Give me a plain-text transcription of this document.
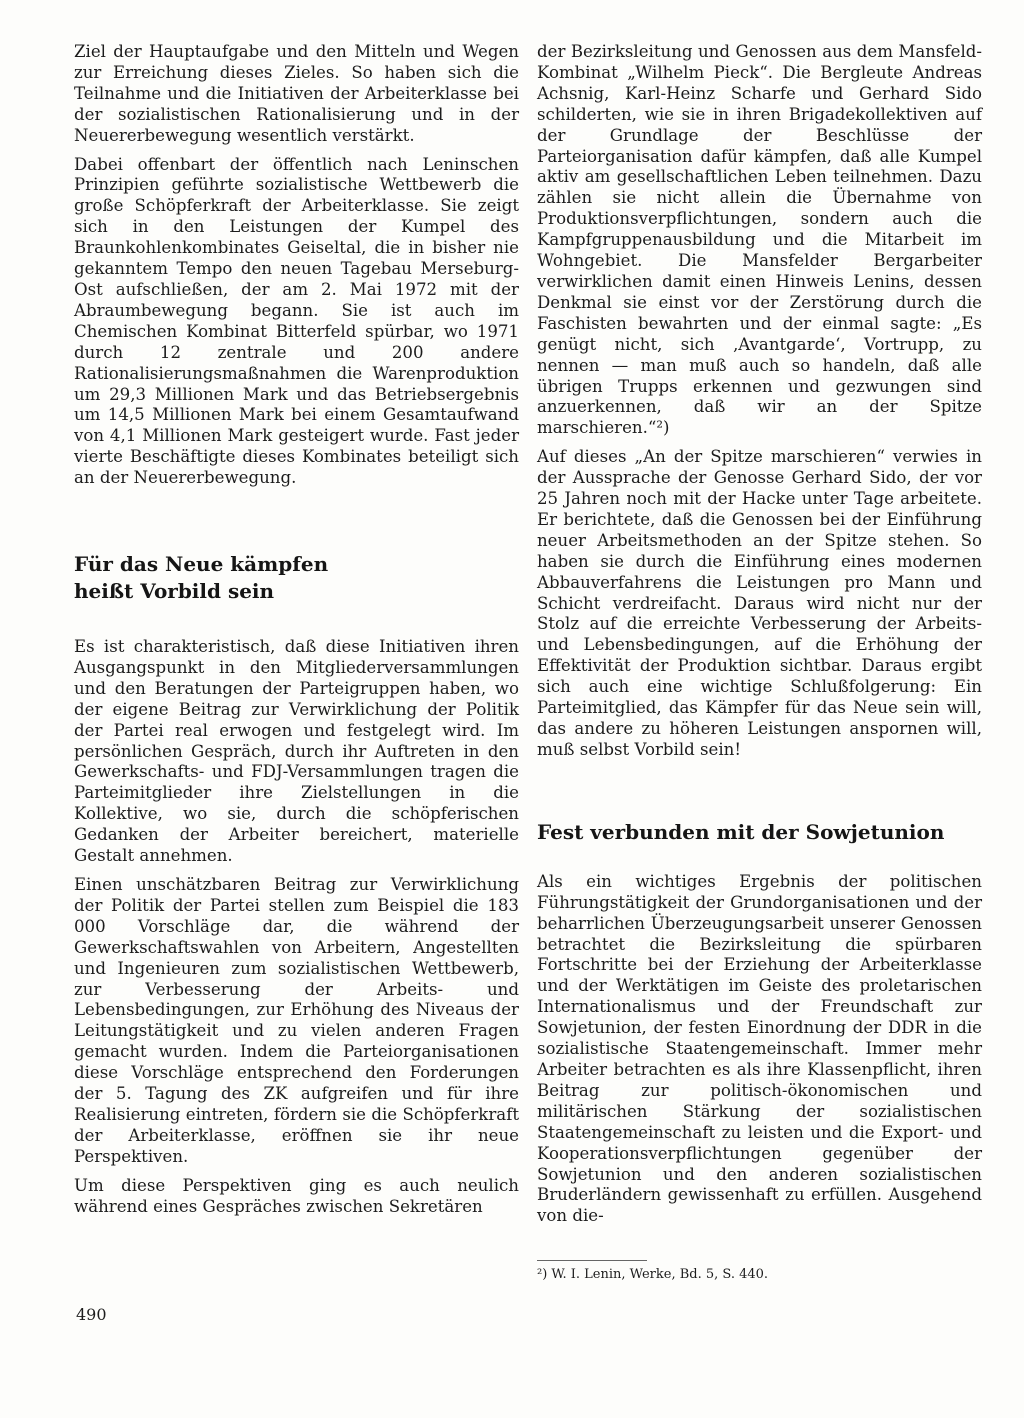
Ziel der Hauptaufgabe und den Mitteln und Wegen zur Erreichung dieses Zieles. So haben sich die Teilnahme und die Initiativen der Arbeiterklasse bei der sozialistischen Rationalisierung und in der Neuererbewegung wesentlich verstärkt.

Dabei offenbart der öffentlich nach Leninschen Prinzipien geführte sozialistische Wettbewerb die große Schöpferkraft der Arbeiterklasse. Sie zeigt sich in den Leistungen der Kumpel des Braunkohlenkombinates Geiseltal, die in bisher nie gekanntem Tempo den neuen Tagebau Merseburg-Ost aufschließen, der am 2. Mai 1972 mit der Abraumbewegung begann. Sie ist auch im Chemischen Kombinat Bitterfeld spürbar, wo 1971 durch 12 zentrale und 200 andere Rationalisierungsmaßnahmen die Warenproduktion um 29,3 Millionen Mark und das Betriebsergebnis um 14,5 Millionen Mark bei einem Gesamtaufwand von 4,1 Millionen Mark gesteigert wurde. Fast jeder vierte Beschäftigte dieses Kombinates beteiligt sich an der Neuererbewegung.

Für das Neue kämpfen
heißt Vorbild sein

Es ist charakteristisch, daß diese Initiativen ihren Ausgangspunkt in den Mitgliederversammlungen und den Beratungen der Parteigruppen haben, wo der eigene Beitrag zur Verwirklichung der Politik der Partei real erwogen und festgelegt wird. Im persönlichen Gespräch, durch ihr Auftreten in den Gewerkschafts- und FDJ-Versammlungen tragen die Parteimitglieder ihre Zielstellungen in die Kollektive, wo sie, durch die schöpferischen Gedanken der Arbeiter bereichert, materielle Gestalt annehmen.

Einen unschätzbaren Beitrag zur Verwirklichung der Politik der Partei stellen zum Beispiel die 183 000 Vorschläge dar, die während der Gewerkschaftswahlen von Arbeitern, Angestellten und Ingenieuren zum sozialistischen Wettbewerb, zur Verbesserung der Arbeits- und Lebensbedingungen, zur Erhöhung des Niveaus der Leitungstätigkeit und zu vielen anderen Fragen gemacht wurden. Indem die Parteiorganisationen diese Vorschläge entsprechend den Forderungen der 5. Tagung des ZK aufgreifen und für ihre Realisierung eintreten, fördern sie die Schöpferkraft der Arbeiterklasse, eröffnen sie ihr neue Perspektiven.

Um diese Perspektiven ging es auch neulich während eines Gespräches zwischen Sekretären

der Bezirksleitung und Genossen aus dem Mansfeld-Kombinat „Wilhelm Pieck“. Die Bergleute Andreas Achsnig, Karl-Heinz Scharfe und Gerhard Sido schilderten, wie sie in ihren Brigadekollektiven auf der Grundlage der Beschlüsse der Parteiorganisation dafür kämpfen, daß alle Kumpel aktiv am gesellschaftlichen Leben teilnehmen. Dazu zählen sie nicht allein die Übernahme von Produktionsverpflichtungen, sondern auch die Kampfgruppenausbildung und die Mitarbeit im Wohngebiet. Die Mansfelder Bergarbeiter verwirklichen damit einen Hinweis Lenins, dessen Denkmal sie einst vor der Zerstörung durch die Faschisten bewahrten und der einmal sagte: „Es genügt nicht, sich ‚Avantgarde‘, Vortrupp, zu nennen — man muß auch so handeln, daß alle übrigen Trupps erkennen und gezwungen sind anzuerkennen, daß wir an der Spitze marschieren.“²)

Auf dieses „An der Spitze marschieren“ verwies in der Aussprache der Genosse Gerhard Sido, der vor 25 Jahren noch mit der Hacke unter Tage arbeitete. Er berichtete, daß die Genossen bei der Einführung neuer Arbeitsmethoden an der Spitze stehen. So haben sie durch die Einführung eines modernen Abbauverfahrens die Leistungen pro Mann und Schicht verdreifacht. Daraus wird nicht nur der Stolz auf die erreichte Verbesserung der Arbeits- und Lebensbedingungen, auf die Erhöhung der Effektivität der Produktion sichtbar. Daraus ergibt sich auch eine wichtige Schlußfolgerung: Ein Parteimitglied, das Kämpfer für das Neue sein will, das andere zu höheren Leistungen anspornen will, muß selbst Vorbild sein!

Fest verbunden mit der Sowjetunion

Als ein wichtiges Ergebnis der politischen Führungstätigkeit der Grundorganisationen und der beharrlichen Überzeugungsarbeit unserer Genossen betrachtet die Bezirksleitung die spürbaren Fortschritte bei der Erziehung der Arbeiterklasse und der Werktätigen im Geiste des proletarischen Internationalismus und der Freundschaft zur Sowjetunion, der festen Einordnung der DDR in die sozialistische Staatengemeinschaft. Immer mehr Arbeiter betrachten es als ihre Klassenpflicht, ihren Beitrag zur politisch-ökonomischen und militärischen Stärkung der sozialistischen Staatengemeinschaft zu leisten und die Export- und Kooperationsverpflichtungen gegenüber der Sowjetunion und den anderen sozialistischen Bruderländern gewissenhaft zu erfüllen. Ausgehend von die-

²) W. I. Lenin, Werke, Bd. 5, S. 440.
490
